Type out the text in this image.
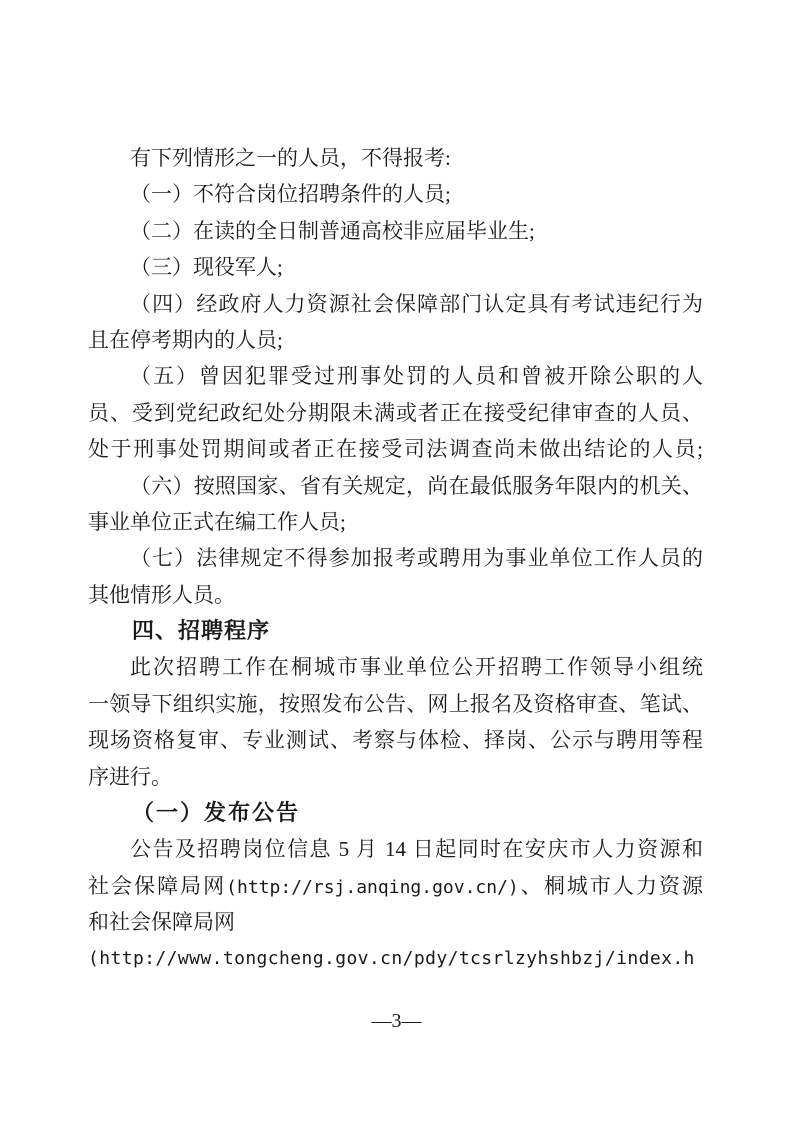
有下列情形之一的人员，不得报考:
（一）不符合岗位招聘条件的人员;
（二）在读的全日制普通高校非应届毕业生;
（三）现役军人;
（四）经政府人力资源社会保障部门认定具有考试违纪行为
且在停考期内的人员;
（五）曾因犯罪受过刑事处罚的人员和曾被开除公职的人
员、受到党纪政纪处分期限未满或者正在接受纪律审查的人员、
处于刑事处罚期间或者正在接受司法调查尚未做出结论的人员;
（六）按照国家、省有关规定，尚在最低服务年限内的机关、
事业单位正式在编工作人员;
（七）法律规定不得参加报考或聘用为事业单位工作人员的
其他情形人员。
四、招聘程序
此次招聘工作在桐城市事业单位公开招聘工作领导小组统
一领导下组织实施，按照发布公告、网上报名及资格审查、笔试、
现场资格复审、专业测试、考察与体检、择岗、公示与聘用等程
序进行。
（一）发布公告
公告及招聘岗位信息 5 月 14 日起同时在安庆市人力资源和
社会保障局网(http://rsj.anqing.gov.cn/)、桐城市人力资源
和社会保障局网
(http://www.tongcheng.gov.cn/pdy/tcsrlzyhshbzj/index.h
—3—
